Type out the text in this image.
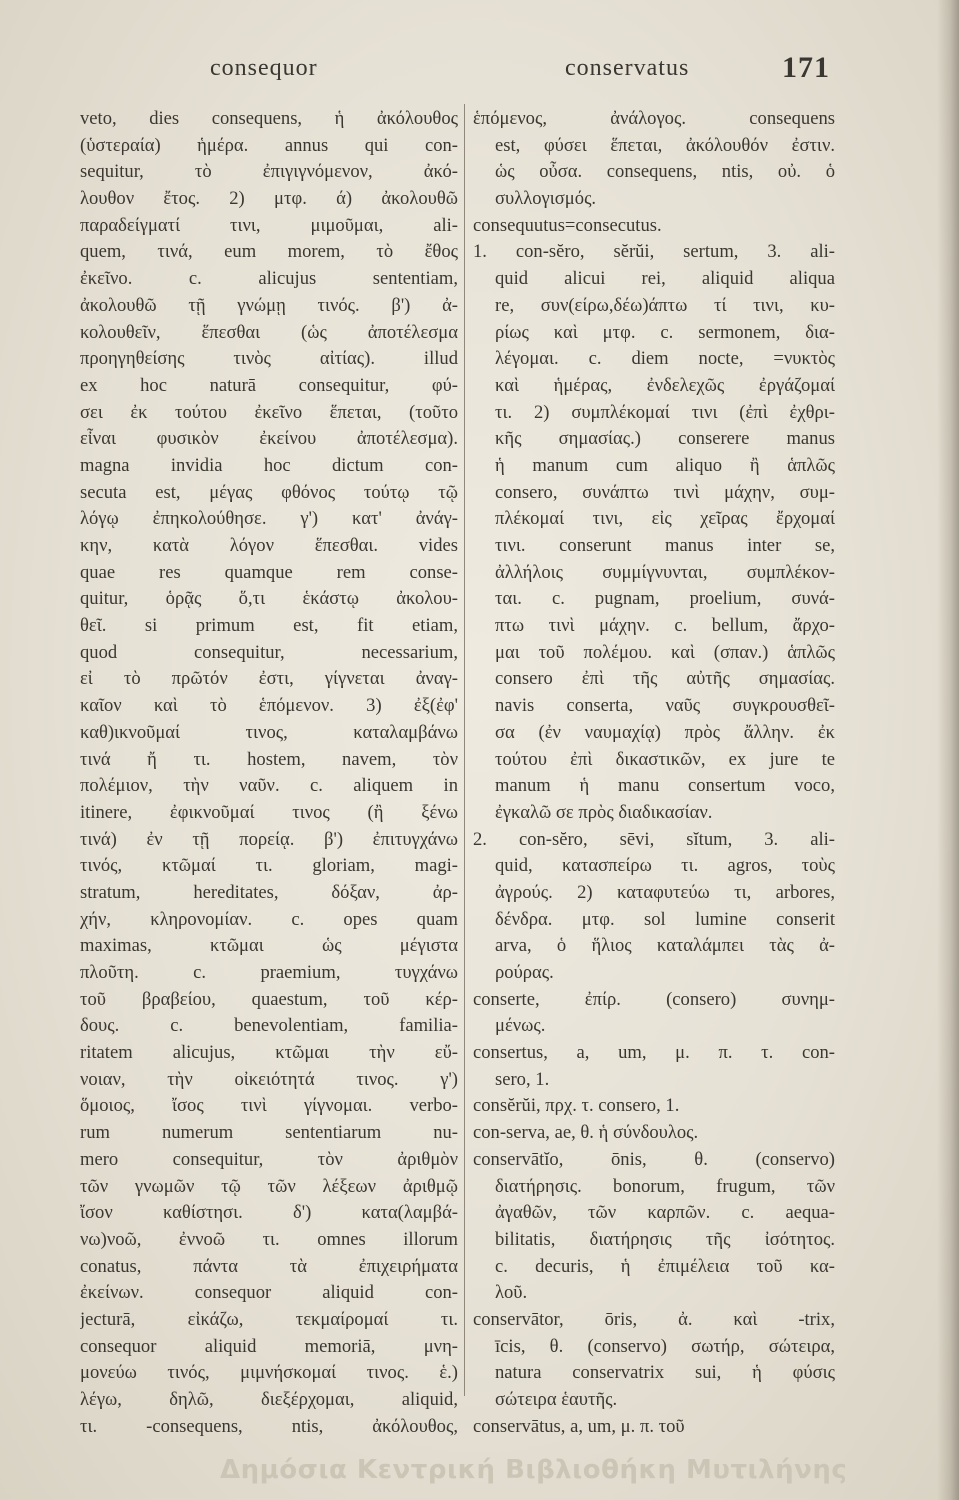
consequor	conservatus	171
veto, dies consequens, ἡ ἀκόλουθος
(ὑστεραία) ἡμέρα. annus qui con-
sequitur, τὸ ἐπιγιγνόμενον, ἀκό-
λουθον ἔτος. 2) μτφ. ά) ἀκολουθῶ
παραδείγματί τινι, μιμοῦμαι, ali-
quem, τινά, eum morem, τὸ ἔθος
ἐκεῖνο. c. alicujus sententiam,
ἀκολουθῶ τῇ γνώμῃ τινός. β') ἀ-
κολουθεῖν, ἕπεσθαι (ὡς ἀποτέλεσμα
προηγηθείσης τινὸς αἰτίας). illud
ex hoc naturā consequitur, φύ-
σει ἐκ τούτου ἐκεῖνο ἕπεται, (τοῦτο
εἶναι φυσικὸν ἐκείνου ἀποτέλεσμα).
magna invidia hoc dictum con-
secuta est, μέγας φθόνος τούτῳ τῷ
λόγῳ ἐπηκολούθησε. γ') κατ' ἀνάγ-
κην, κατὰ λόγον ἕπεσθαι. vides
quae res quamque rem conse-
quitur, ὁρᾷς ὅ,τι ἑκάστῳ ἀκολου-
θεῖ. si primum est, fit etiam,
quod consequitur, necessarium,
εἰ τὸ πρῶτόν ἐστι, γίγνεται ἀναγ-
καῖον καὶ τὸ ἑπόμενον. 3) ἐξ(ἐφ'
καθ)ικνοῦμαί τινος, καταλαμβάνω
τινά ἤ τι. hostem, navem, τὸν
πολέμιον, τὴν ναῦν. c. aliquem in
itinere, ἐφικνοῦμαί τινος (ἢ ξένω
τινά) ἐν τῇ πορείᾳ. β') ἐπιτυγχάνω
τινός, κτῶμαί τι. gloriam, magi-
stratum, hereditates, δόξαν, ἀρ-
χήν, κληρονομίαν. c. opes quam
maximas, κτῶμαι ὡς μέγιστα
πλοῦτη. c. praemium, τυγχάνω
τοῦ βραβείου, quaestum, τοῦ κέρ-
δους. c. benevolentiam, familia-
ritatem alicujus, κτῶμαι τὴν εὔ-
νοιαν, τὴν οἰκειότητά τινος. γ')
ὅμοιος, ἴσος τινὶ γίγνομαι. verbo-
rum numerum sententiarum nu-
mero consequitur, τὸν ἀριθμὸν
τῶν γνωμῶν τῷ τῶν λέξεων ἀριθμῷ
ἴσον καθίστησι. δ') κατα(λαμβά-
νω)νοῶ, ἐννοῶ τι. omnes illorum
conatus, πάντα τὰ ἐπιχειρήματα
ἐκείνων. consequor aliquid con-
jecturā, εἰκάζω, τεκμαίρομαί τι.
consequor aliquid memoriā, μνη-
μονεύω τινός, μιμνήσκομαί τινος. ἑ.)
λέγω, δηλῶ, διεξέρχομαι, aliquid,
τι. -consequens, ntis, ἀκόλουθος,
ἑπόμενος, ἀνάλογος. consequens
est, φύσει ἕπεται, ἀκόλουθόν ἐστιν.
ὡς οὖσα. consequens, ntis, οὐ. ὁ
συλλογισμός.
consequutus=consecutus.
1. con-sĕro, sĕrŭi, sertum, 3. ali-
quid alicui rei, aliquid aliqua
re, συν(είρω,δέω)άπτω τί τινι, κυ-
ρίως καὶ μτφ. c. sermonem, δια-
λέγομαι. c. diem nocte, =νυκτὸς
καὶ ἡμέρας, ἐνδελεχῶς ἐργάζομαί
τι. 2) συμπλέκομαί τινι (ἐπὶ ἐχθρι-
κῆς σημασίας.) conserere manus
ἡ manum cum aliquo ἢ ἁπλῶς
consero, συνάπτω τινὶ μάχην, συμ-
πλέκομαί τινι, εἰς χεῖρας ἔρχομαί
τινι. conserunt manus inter se,
ἀλλήλοις συμμίγνυνται, συμπλέκον-
ται. c. pugnam, proelium, συνά-
πτω τινὶ μάχην. c. bellum, ἄρχο-
μαι τοῦ πολέμου. καὶ (σπαν.) ἁπλῶς
consero ἐπὶ τῆς αὐτῆς σημασίας.
navis conserta, ναῦς συγκρουσθεῖ-
σα (ἐν ναυμαχίᾳ) πρὸς ἄλλην. ἐκ
τούτου ἐπὶ δικαστικῶν, ex jure te
manum ἡ manu consertum voco,
ἐγκαλῶ σε πρὸς διαδικασίαν.
2. con-sĕro, sēvi, sĭtum, 3. ali-
quid, κατασπείρω τι. agros, τοὺς
ἀγρούς. 2) καταφυτεύω τι, arbores,
δένδρα. μτφ. sol lumine conserit
arva, ὁ ἥλιος καταλάμπει τὰς ἀ-
ρούρας.
conserte, ἐπίρ. (consero) συνημ-
μένως.
consertus, a, um, μ. π. τ. con-
sero, 1.
consĕrŭi, πρχ. τ. consero, 1.
con-serva, ae, θ. ἡ σύνδουλος.
conservātĭo, ōnis, θ. (conservo)
διατήρησις. bonorum, frugum, τῶν
ἀγαθῶν, τῶν καρπῶν. c. aequa-
bilitatis, διατήρησις τῆς ἰσότητος.
c. decuris, ἡ ἐπιμέλεια τοῦ κα-
λοῦ.
conservātor, ōris, ἀ. καὶ -trix,
īcis, θ. (conservo) σωτήρ, σώτειρα,
natura conservatrix sui, ἡ φύσις
σώτειρα ἑαυτῆς.
conservātus, a, um, μ. π. τοῦ
Δημόσια Κεντρική Βιβλιοθήκη Μυτιλήνης
